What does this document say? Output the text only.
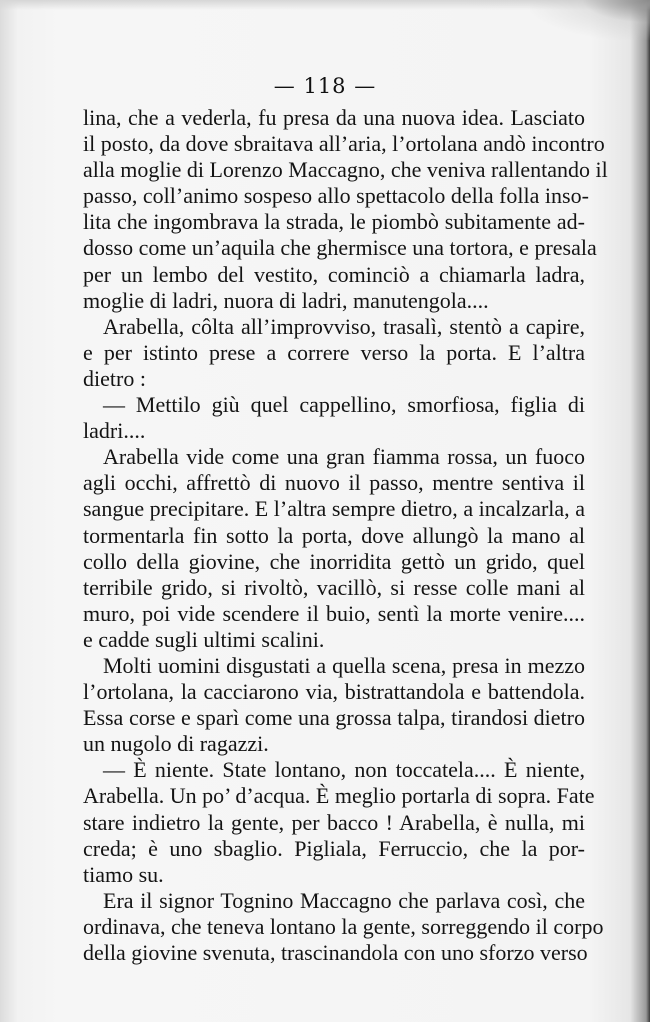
— 118 —
lina, che a vederla, fu presa da una nuova idea. Lasciato
il posto, da dove sbraitava all’aria, l’ortolana andò incontro
alla moglie di Lorenzo Maccagno, che veniva rallentando il
passo, coll’animo sospeso allo spettacolo della folla inso-
lita che ingombrava la strada, le piombò subitamente ad-
dosso come un’aquila che ghermisce una tortora, e presala
per un lembo del vestito, cominciò a chiamarla ladra,
moglie di ladri, nuora di ladri, manutengola....
Arabella, côlta all’improvviso, trasalì, stentò a capire,
e per istinto prese a correre verso la porta. E l’altra
dietro :
— Mettilo giù quel cappellino, smorfiosa, figlia di
ladri....
Arabella vide come una gran fiamma rossa, un fuoco
agli occhi, affrettò di nuovo il passo, mentre sentiva il
sangue precipitare. E l’altra sempre dietro, a incalzarla, a
tormentarla fin sotto la porta, dove allungò la mano al
collo della giovine, che inorridita gettò un grido, quel
terribile grido, si rivoltò, vacillò, si resse colle mani al
muro, poi vide scendere il buio, sentì la morte venire....
e cadde sugli ultimi scalini.
Molti uomini disgustati a quella scena, presa in mezzo
l’ortolana, la cacciarono via, bistrattandola e battendola.
Essa corse e sparì come una grossa talpa, tirandosi dietro
un nugolo di ragazzi.
— È niente. State lontano, non toccatela.... È niente,
Arabella. Un po’ d’acqua. È meglio portarla di sopra. Fate
stare indietro la gente, per bacco ! Arabella, è nulla, mi
creda; è uno sbaglio. Pigliala, Ferruccio, che la por-
tiamo su.
Era il signor Tognino Maccagno che parlava così, che
ordinava, che teneva lontano la gente, sorreggendo il corpo
della giovine svenuta, trascinandola con uno sforzo verso
